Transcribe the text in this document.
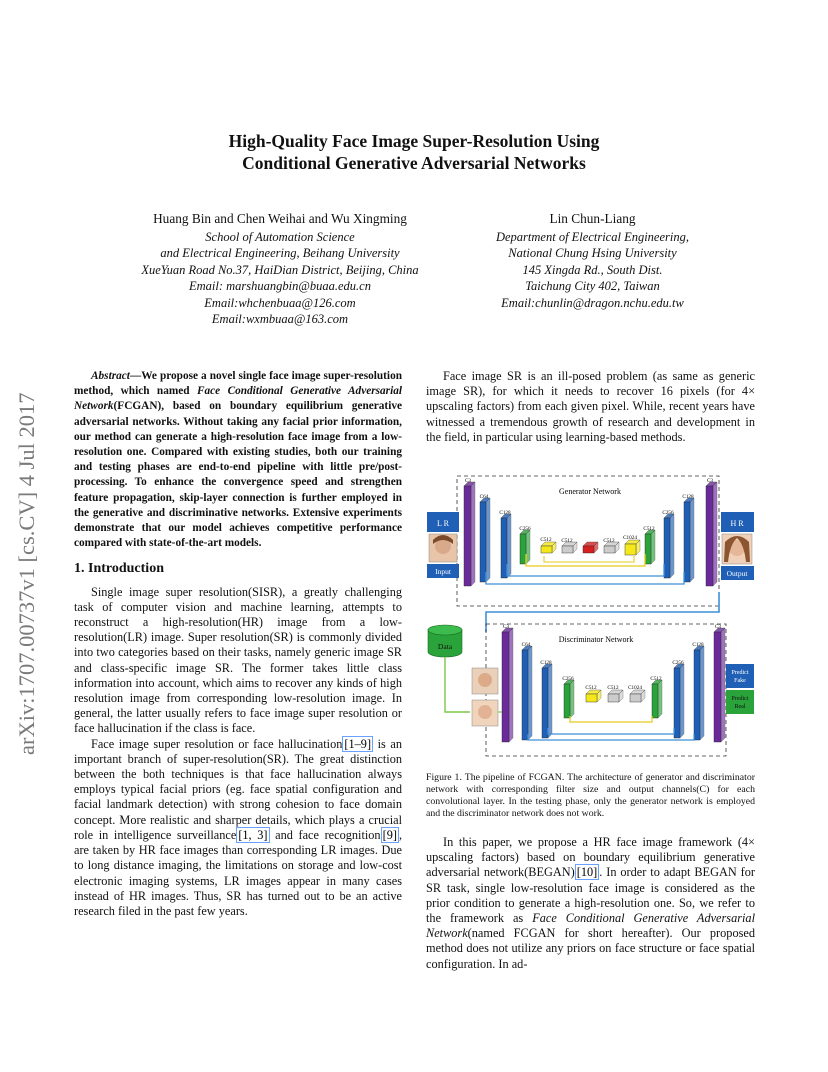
arXiv:1707.00737v1 [cs.CV] 4 Jul 2017
High-Quality Face Image Super-Resolution Using
Conditional Generative Adversarial Networks
Huang Bin and Chen Weihai and Wu Xingming
School of Automation Science
and Electrical Engineering, Beihang University
XueYuan Road No.37, HaiDian District, Beijing, China
Email: marshuangbin@buaa.edu.cn
Email:whchenbuaa@126.com
Email:wxmbuaa@163.com
Lin Chun-Liang
Department of Electrical Engineering,
National Chung Hsing University
145 Xingda Rd., South Dist.
Taichung City 402, Taiwan
Email:chunlin@dragon.nchu.edu.tw

Abstract—We propose a novel single face image super-resolution method, which named Face Conditional Generative Adversarial Network(FCGAN), based on boundary equilibrium generative adversarial networks. Without taking any facial prior information, our method can generate a high-resolution face image from a low-resolution one. Compared with existing studies, both our training and testing phases are end-to-end pipeline with little pre/post-processing. To enhance the convergence speed and strengthen feature propagation, skip-layer connection is further employed in the generative and discriminative networks. Extensive experiments demonstrate that our model achieves competitive performance compared with state-of-the-art models.

1. Introduction

Single image super resolution(SISR), a greatly challenging task of computer vision and machine learning, attempts to reconstruct a high-resolution(HR) image from a low-resolution(LR) image. Super resolution(SR) is commonly divided into two categories based on their tasks, namely generic image SR and class-specific image SR. The former takes little class information into account, which aims to recover any kinds of high resolution image from corresponding low-resolution image. In general, the latter usually refers to face image super resolution or face hallucination if the class is face.

Face image super resolution or face hallucination [1–9] is an important branch of super-resolution(SR). The great distinction between the both techniques is that face hallucination always employs typical facial priors (eg. face spatial configuration and facial landmark detection) with strong cohesion to face domain concept. More realistic and sharper details, which plays a crucial role in intelligence surveillance [1, 3] and face recognition [9] , are taken by HR face images than corresponding LR images. Due to long distance imaging, the limitations on storage and low-cost electronic imaging systems, LR images appear in many cases instead of HR images. Thus, SR has turned out to be an active research filed in the past few years.

Face image SR is an ill-posed problem (as same as generic image SR), for which it needs to recover 16 pixels (for 4× upscaling factors) from each given pixel. While, recent years have witnessed a tremendous growth of research and development in the field, in particular using learning-based methods.

Generator Network
L R
Input
H R
Output
C3
C64
C128
C256
C512 C512	C512 C1024
C512
C256
C128
C3
Discriminator Network
Data
C3
C64
C128
C256
C512 C512 C1024
C512
C256
C128
C3
Predict Fake
Predict Real

Figure 1. The pipeline of FCGAN. The architecture of generator and discriminator network with corresponding filter size and output channels(C) for each convolutional layer. In the testing phase, only the generator network is employed and the discriminator network does not work.

In this paper, we propose a HR face image framework (4× upscaling factors) based on boundary equilibrium generative adversarial network(BEGAN) [10] . In order to adapt BEGAN for SR task, single low-resolution face image is considered as the prior condition to generate a high-resolution one. So, we refer to the framework as Face Conditional Generative Adversarial Network(named FCGAN for short hereafter). Our proposed method does not utilize any priors on face structure or face spatial configuration. In ad-
